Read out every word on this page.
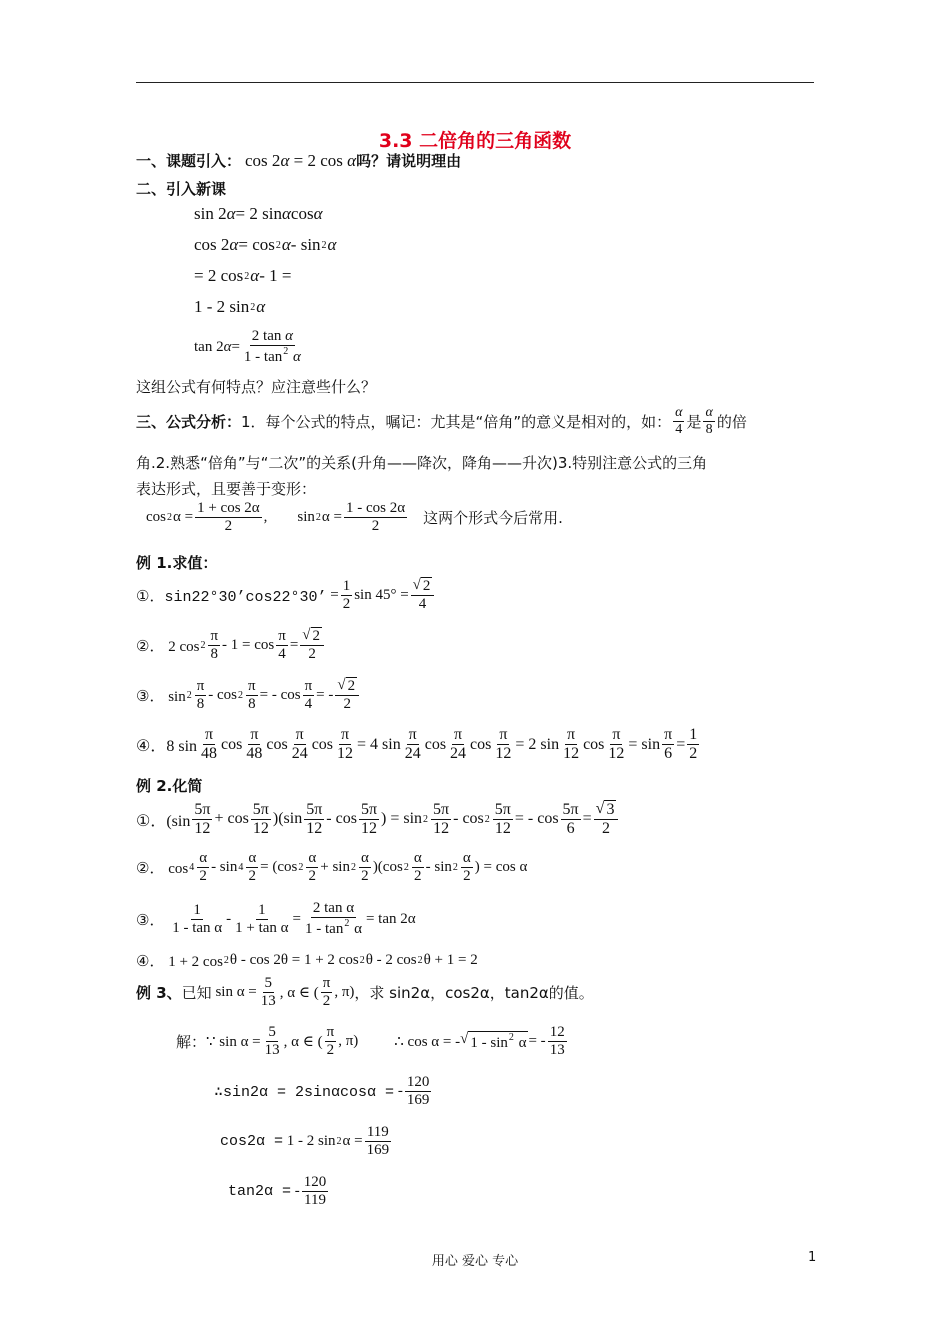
3.3 二倍角的三角函数
一、课题引入： cos 2α = 2 cos α 吗？请说明理由
二、引入新课
sin 2 α = 2 sin α cos α
cos 2 α = cos 2 α - sin 2 α
= 2 cos 2 α - 1 =
1 - 2 sin 2 α
tan 2 $\alpha = \frac{\text{2 tan α}}{1 - \tan^2 \alpha}$
这组公式有何特点？应注意些什么？
三、公式分析： 1．每个公式的特点，嘱记：尤其是“倍角”的意义是相对的，如： $\frac{\alpha}{4}$ 是 $\frac{\alpha}{8}$ 的倍
角.2.熟悉“倍角”与“二次”的关系(升角——降次，降角——升次)3.特别注意公式的三角
表达形式，且要善于变形：
cos 2 $\alpha = \frac{1 + \cos 2\alpha}{2}$ ,
sin 2 $\alpha = \frac{1 - \cos 2\alpha}{2}$ 这两个形式今后常用.
例 1.求值：
①．sin22°30’cos22°30’ = $\frac{1}{2}$ $\sin 45^\circ = \frac{√ 2}{4}$
②． 2 $\cos 2 \frac{\pi}{8} - 1 = \cos \frac{\pi}{4} = \frac{√ 2}{2}$
③． $\sin 2 \frac{\pi}{8}$ - $\cos 2 \frac{\pi}{8}$ = - $\cos \frac{\pi}{4}$ = - $\frac{√ 2}{2}$
④．8 $\sin \frac{\pi}{48}$ $\cos \frac{\pi}{48}$ $\cos \frac{\pi}{24}$ $\cos \frac{\pi}{12} = 4$ $\sin \frac{\pi}{24}$ $\cos \frac{\pi}{24}$ $\cos \frac{\pi}{12} = 2$ $\sin \frac{\pi}{12}$ $\cos \frac{\pi}{12} = \sin \frac{\pi}{6} = \frac{1}{2}$
例 2.化简
①．$(\sin \frac{5\pi}{12} + \cos \frac{5\pi}{12} )(\sin \frac{5\pi}{12} - \cos \frac{5\pi}{12}$ ) = $\sin 2 \frac{5\pi}{12}$ - $\cos 2 \frac{5\pi}{12}$ = - $\cos \frac{5\pi}{6} = \frac{√ 3}{2}$
②． $\cos 4 \frac{\alpha}{2} - \sin 4 \frac{\alpha}{2} = (\cos$ $2 \frac{\alpha}{2} + \sin 2 \frac{\alpha}{2} )(\cos$ $2 \frac{\alpha}{2}$ - $\sin 2 \frac{\alpha}{2}$ ) = cos α
③． $\frac{1}{\text{1 - tan α}} - \frac{1}{\text{1 + tan α}} = \frac{\text{2 tan α}}{1 - \tan^2 \alpha} = \tan 2\alpha$
④． 1 + 2 cos 2 θ - cos 2θ = 1 + 2 cos 2 θ - 2 cos 2 θ + 1 = 2
例 3、 已知 $\sin \alpha = \frac{5}{13}$ , α ∈ ( $\frac{\pi}{2}$ , π) ，求 sin2α，cos2α，tan2α的值。
解： ∵ $\sin \alpha = \frac{5}{13}$ , α ∈ ( $\frac{\pi}{2}$ , π)
∴ cos α = - √ $1 - \sin^2 \alpha$ = - $\frac{12}{13}$
∴sin2α = 2sinαcosα = - $\frac{120}{169}$
cos2α = 1 - 2 sin 2 $\alpha = \frac{119}{169}$
tan2α = - $\frac{120}{119}$
用心 爱心 专心	1
